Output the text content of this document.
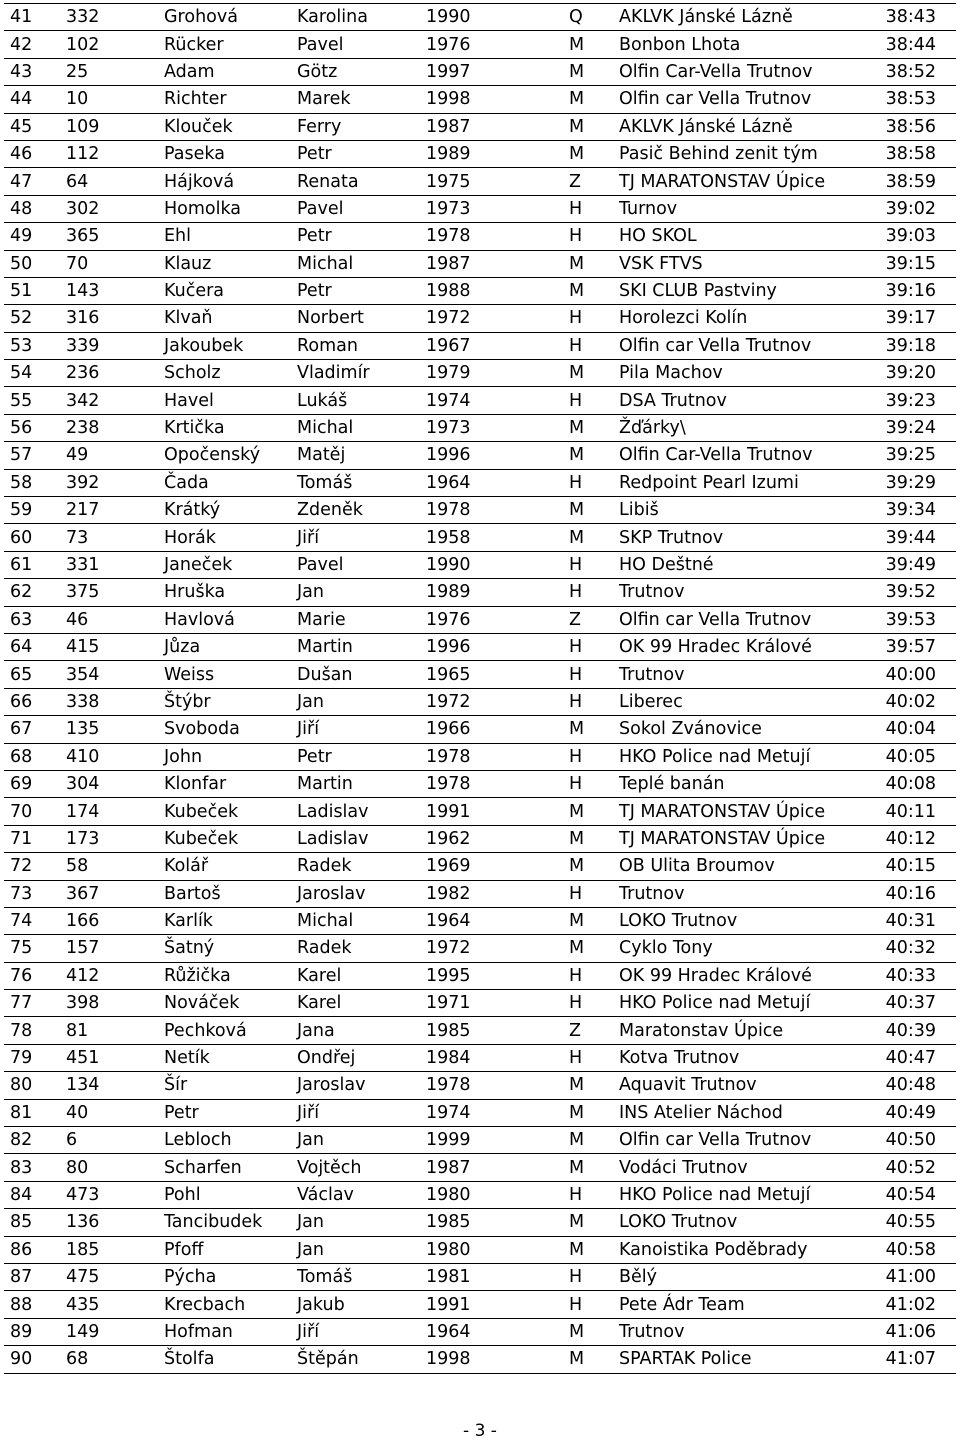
41	332	Grohová	Karolina	1990	Q	AKLVK Jánské Lázně	38:43
42	102	Rücker	Pavel	1976	M	Bonbon Lhota	38:44
43	25	Adam	Götz	1997	M	Olfin Car-Vella Trutnov	38:52
44	10	Richter	Marek	1998	M	Olfin car Vella Trutnov	38:53
45	109	Klouček	Ferry	1987	M	AKLVK Jánské Lázně	38:56
46	112	Paseka	Petr	1989	M	Pasič Behind zenit tým	38:58
47	64	Hájková	Renata	1975	Z	TJ MARATONSTAV Úpice	38:59
48	302	Homolka	Pavel	1973	H	Turnov	39:02
49	365	Ehl	Petr	1978	H	HO SKOL	39:03
50	70	Klauz	Michal	1987	M	VSK FTVS	39:15
51	143	Kučera	Petr	1988	M	SKI CLUB Pastviny	39:16
52	316	Klvaň	Norbert	1972	H	Horolezci Kolín	39:17
53	339	Jakoubek	Roman	1967	H	Olfin car Vella Trutnov	39:18
54	236	Scholz	Vladimír	1979	M	Pila Machov	39:20
55	342	Havel	Lukáš	1974	H	DSA Trutnov	39:23
56	238	Krtička	Michal	1973	M	Žďárky\	39:24
57	49	Opočenský	Matěj	1996	M	Olfin Car-Vella Trutnov	39:25
58	392	Čada	Tomáš	1964	H	Redpoint Pearl Izumi	39:29
59	217	Krátký	Zdeněk	1978	M	Libiš	39:34
60	73	Horák	Jiří	1958	M	SKP Trutnov	39:44
61	331	Janeček	Pavel	1990	H	HO Deštné	39:49
62	375	Hruška	Jan	1989	H	Trutnov	39:52
63	46	Havlová	Marie	1976	Z	Olfin car Vella Trutnov	39:53
64	415	Jůza	Martin	1996	H	OK 99 Hradec Králové	39:57
65	354	Weiss	Dušan	1965	H	Trutnov	40:00
66	338	Štýbr	Jan	1972	H	Liberec	40:02
67	135	Svoboda	Jiří	1966	M	Sokol Zvánovice	40:04
68	410	John	Petr	1978	H	HKO Police nad Metují	40:05
69	304	Klonfar	Martin	1978	H	Teplé banán	40:08
70	174	Kubeček	Ladislav	1991	M	TJ MARATONSTAV Úpice	40:11
71	173	Kubeček	Ladislav	1962	M	TJ MARATONSTAV Úpice	40:12
72	58	Kolář	Radek	1969	M	OB Ulita Broumov	40:15
73	367	Bartoš	Jaroslav	1982	H	Trutnov	40:16
74	166	Karlík	Michal	1964	M	LOKO Trutnov	40:31
75	157	Šatný	Radek	1972	M	Cyklo Tony	40:32
76	412	Růžička	Karel	1995	H	OK 99 Hradec Králové	40:33
77	398	Nováček	Karel	1971	H	HKO Police nad Metují	40:37
78	81	Pechková	Jana	1985	Z	Maratonstav Úpice	40:39
79	451	Netík	Ondřej	1984	H	Kotva Trutnov	40:47
80	134	Šír	Jaroslav	1978	M	Aquavit Trutnov	40:48
81	40	Petr	Jiří	1974	M	INS Atelier Náchod	40:49
82	6	Lebloch	Jan	1999	M	Olfin car Vella Trutnov	40:50
83	80	Scharfen	Vojtěch	1987	M	Vodáci Trutnov	40:52
84	473	Pohl	Václav	1980	H	HKO Police nad Metují	40:54
85	136	Tancibudek	Jan	1985	M	LOKO Trutnov	40:55
86	185	Pfoff	Jan	1980	M	Kanoistika Poděbrady	40:58
87	475	Pýcha	Tomáš	1981	H	Bělý	41:00
88	435	Krecbach	Jakub	1991	H	Pete Ádr Team	41:02
89	149	Hofman	Jiří	1964	M	Trutnov	41:06
90	68	Štolfa	Štěpán	1998	M	SPARTAK Police	41:07
- 3 -
